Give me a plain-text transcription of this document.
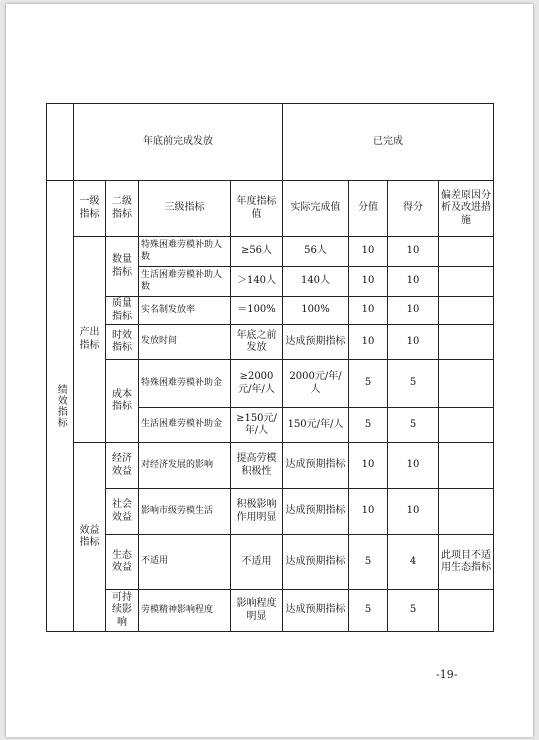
	年底前完成发放				已完成			
绩效指标	一级指标	二级指标	三级指标	年度指标值	实际完成值	分值	得分	偏差原因分析及改进措施
	产出指标	数量指标	特殊困难劳模补助人数	≥56人	56人	10	10	
			生活困难劳模补助人数	＞140人	140人	10	10	
		质量指标	实名制发放率	＝100%	100%	10	10	
		时效指标	发放时间	年底之前发放	达成预期指标	10	10	
		成本指标	特殊困难劳模补助金	≥2000元/年/人	2000元/年/人	5	5	
			生活困难劳模补助金	≥150元/年/人	150元/年/人	5	5	
	效益指标	经济效益	对经济发展的影响	提高劳模积极性	达成预期指标	10	10	
		社会效益	影响市级劳模生活	积极影响作用明显	达成预期指标	10	10	
		生态效益	不适用	不适用	达成预期指标	5	4	此项目不适用生态指标
		可持续影响	劳模精神影响程度	影响程度明显	达成预期指标	5	5	
-19-
